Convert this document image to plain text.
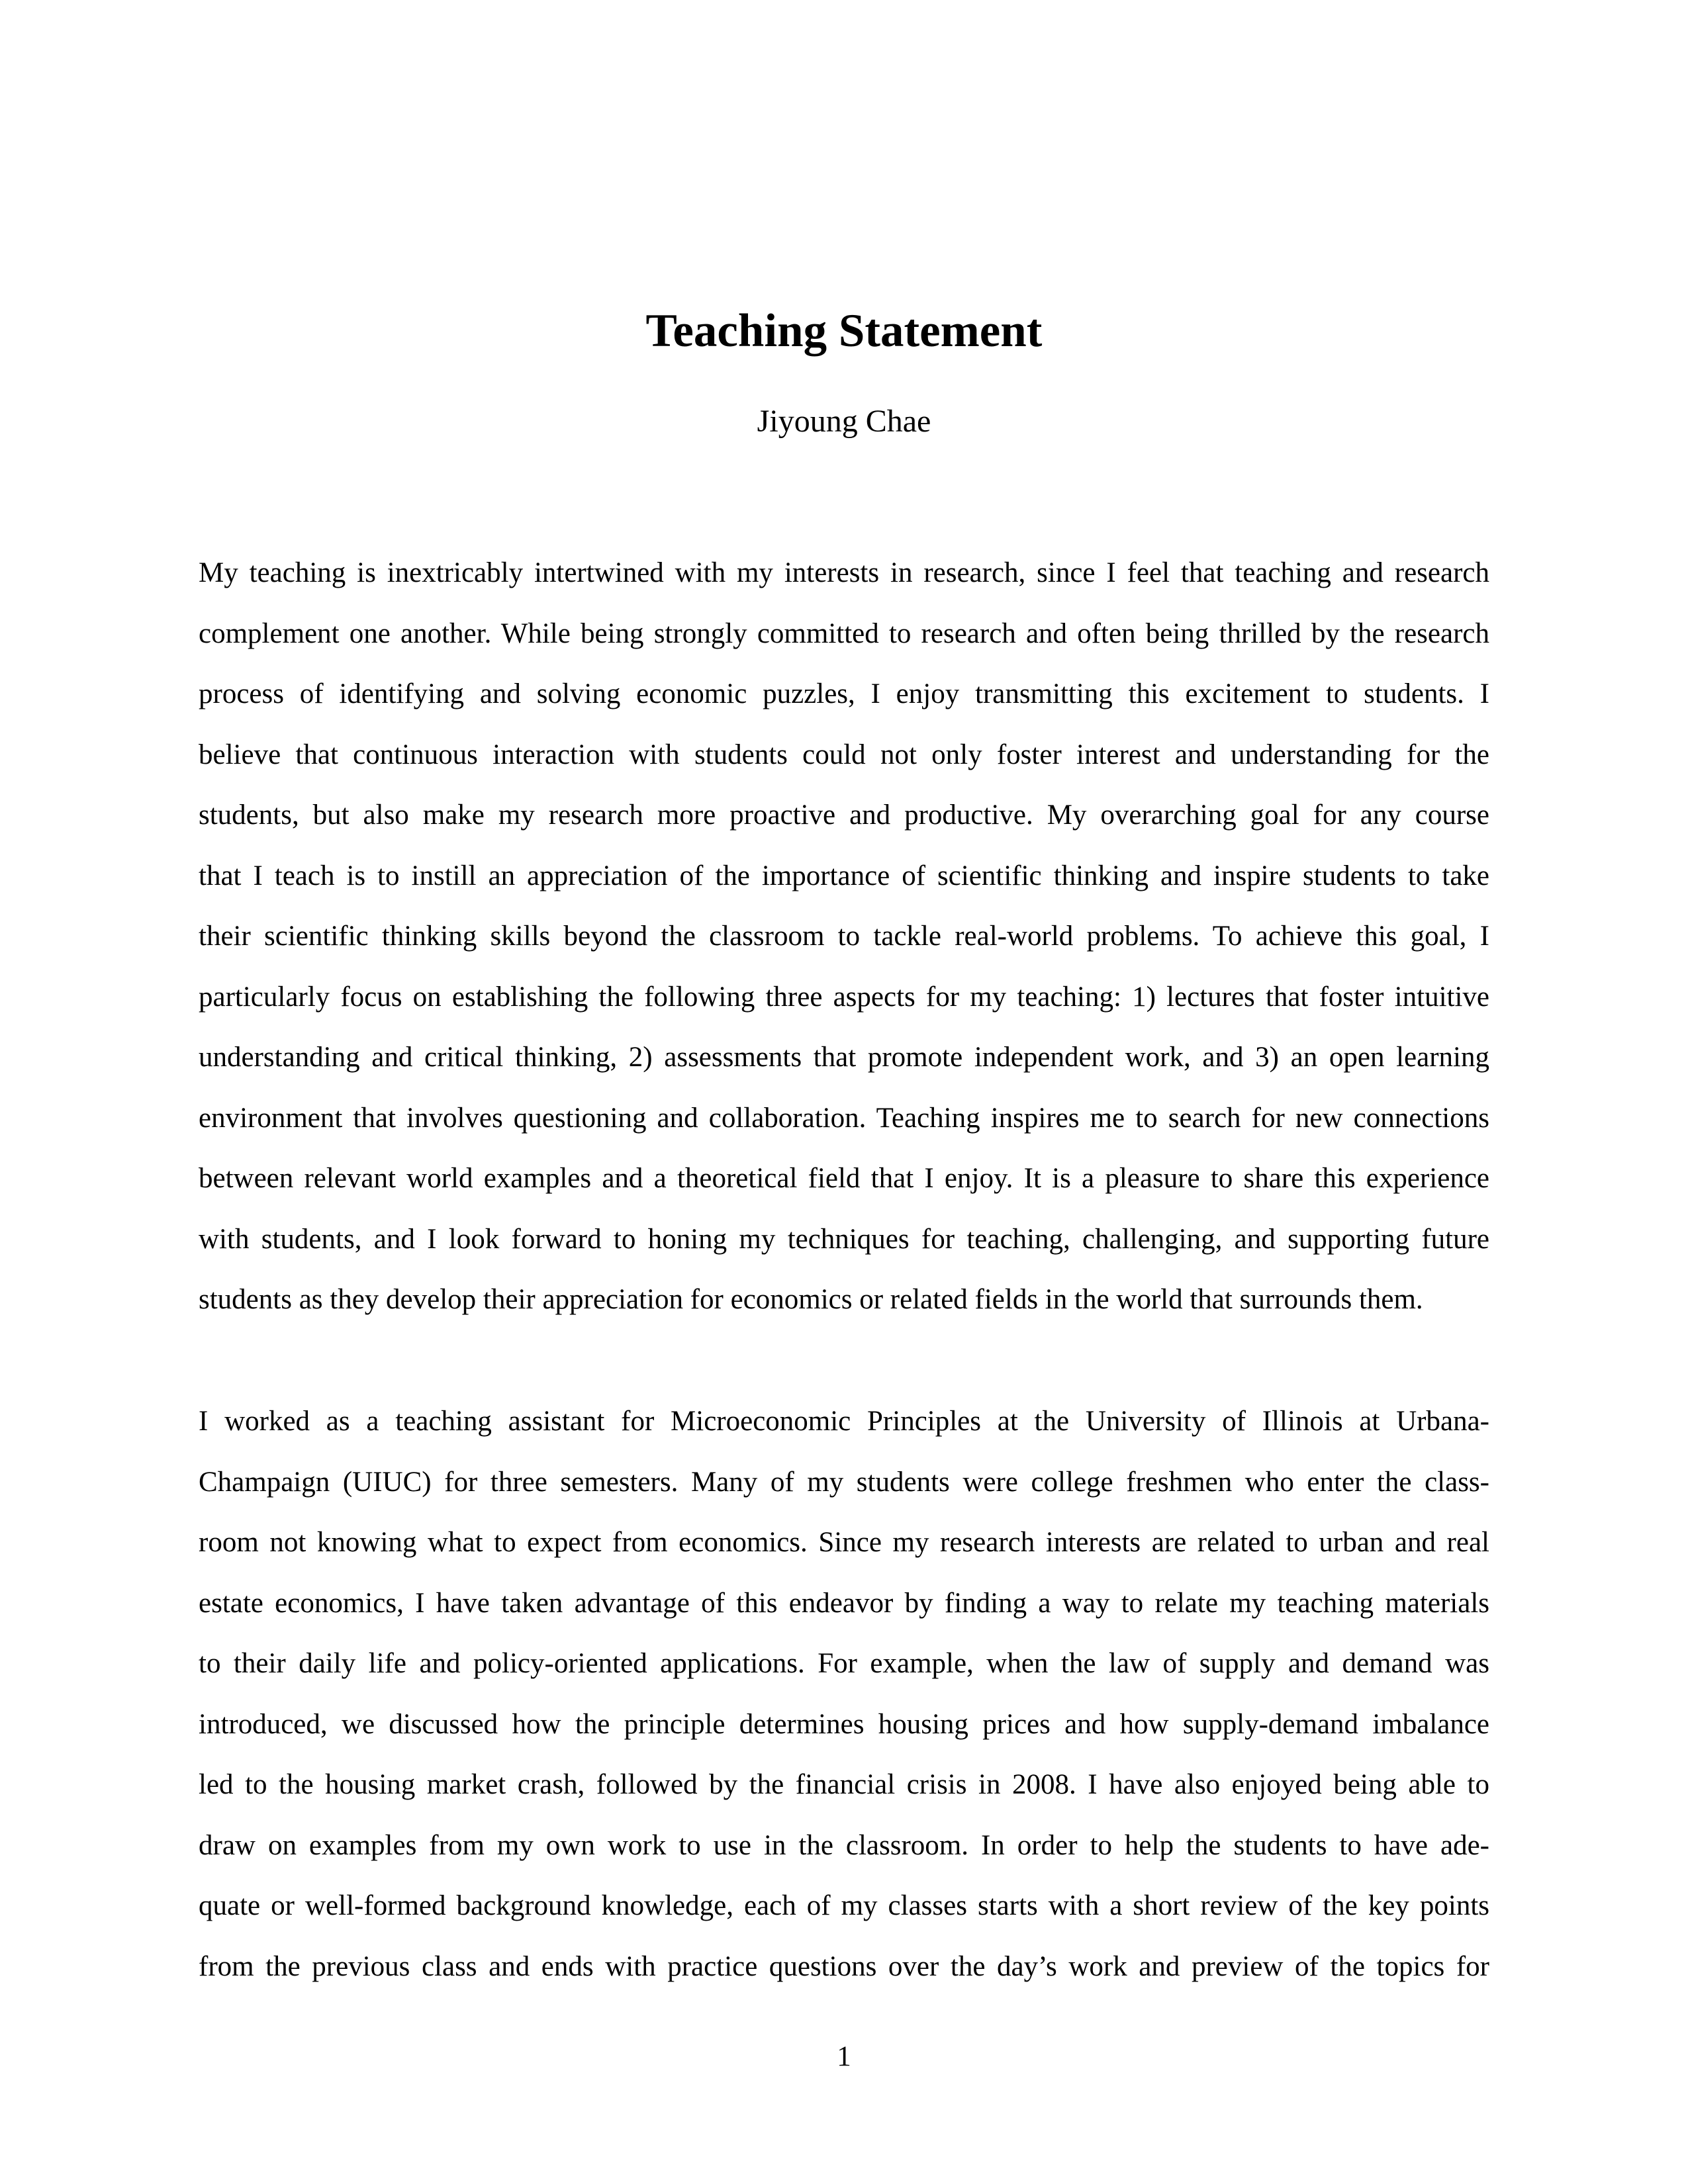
Teaching Statement
Jiyoung Chae
My teaching is inextricably intertwined with my interests in research, since I feel that teaching and research
complement one another. While being strongly committed to research and often being thrilled by the research
process of identifying and solving economic puzzles, I enjoy transmitting this excitement to students. I
believe that continuous interaction with students could not only foster interest and understanding for the
students, but also make my research more proactive and productive. My overarching goal for any course
that I teach is to instill an appreciation of the importance of scientific thinking and inspire students to take
their scientific thinking skills beyond the classroom to tackle real-world problems. To achieve this goal, I
particularly focus on establishing the following three aspects for my teaching: 1) lectures that foster intuitive
understanding and critical thinking, 2) assessments that promote independent work, and 3) an open learning
environment that involves questioning and collaboration. Teaching inspires me to search for new connections
between relevant world examples and a theoretical field that I enjoy. It is a pleasure to share this experience
with students, and I look forward to honing my techniques for teaching, challenging, and supporting future
students as they develop their appreciation for economics or related fields in the world that surrounds them.
I worked as a teaching assistant for Microeconomic Principles at the University of Illinois at Urbana-
Champaign (UIUC) for three semesters. Many of my students were college freshmen who enter the class-
room not knowing what to expect from economics. Since my research interests are related to urban and real
estate economics, I have taken advantage of this endeavor by finding a way to relate my teaching materials
to their daily life and policy-oriented applications. For example, when the law of supply and demand was
introduced, we discussed how the principle determines housing prices and how supply-demand imbalance
led to the housing market crash, followed by the financial crisis in 2008. I have also enjoyed being able to
draw on examples from my own work to use in the classroom. In order to help the students to have ade-
quate or well-formed background knowledge, each of my classes starts with a short review of the key points
from the previous class and ends with practice questions over the day’s work and preview of the topics for
1
